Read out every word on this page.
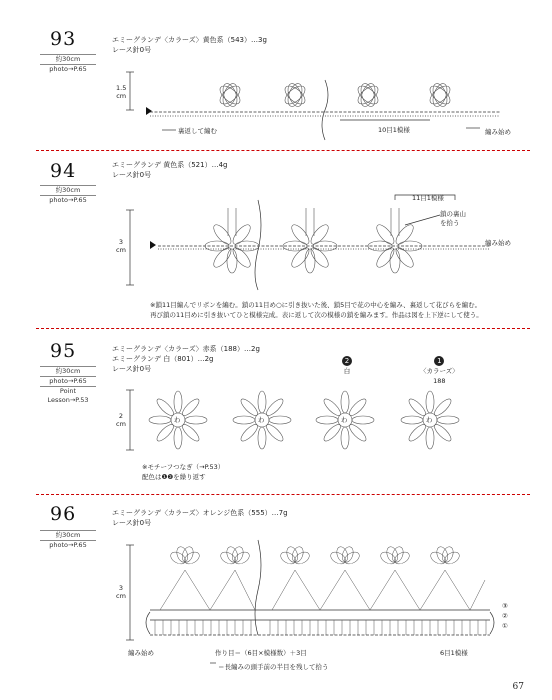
93
約30cm
photo→P.65
エミーグランデ〈カラーズ〉黄色系（543）…3g
レース針0号
1.5
cm
裏返して編む	10目1模様	編み始め
94
約30cm
photo→P.65
エミーグランデ 黄色系（521）…4g
レース針0号
3
cm
11目1模様
鎖の裏山
を拾う
編み始め
※鎖11目編んでリボンを編む。鎖の11目め○に引き抜いた後、鎖5目で花の中心を編み、裏返して花びらを編む。
再び鎖の11目めに引き抜いてひと模様完成。表に返して次の模様の鎖を編みます。作品は図を上下逆にして使う。
95
約30cm
photo→P.65
Point Lesson→P.53
エミーグランデ〈カラーズ〉赤系（188）…2g
エミーグランデ 白（801）…2g
レース針0号
2
白
1
〈カラーズ〉
188
2
cm
※モチーフつなぎ（→P.53）
配色は❶❷を繰り返す
わ	わ	わ	わ
96
約30cm
photo→P.65
エミーグランデ〈カラーズ〉オレンジ色系（555）…7g
レース針0号
3
cm
編み始め	作り目＝（6目×模様数）＋3目	6目1模様
＝長編みの頭手前の半目を残して拾う
③
②
①
67
